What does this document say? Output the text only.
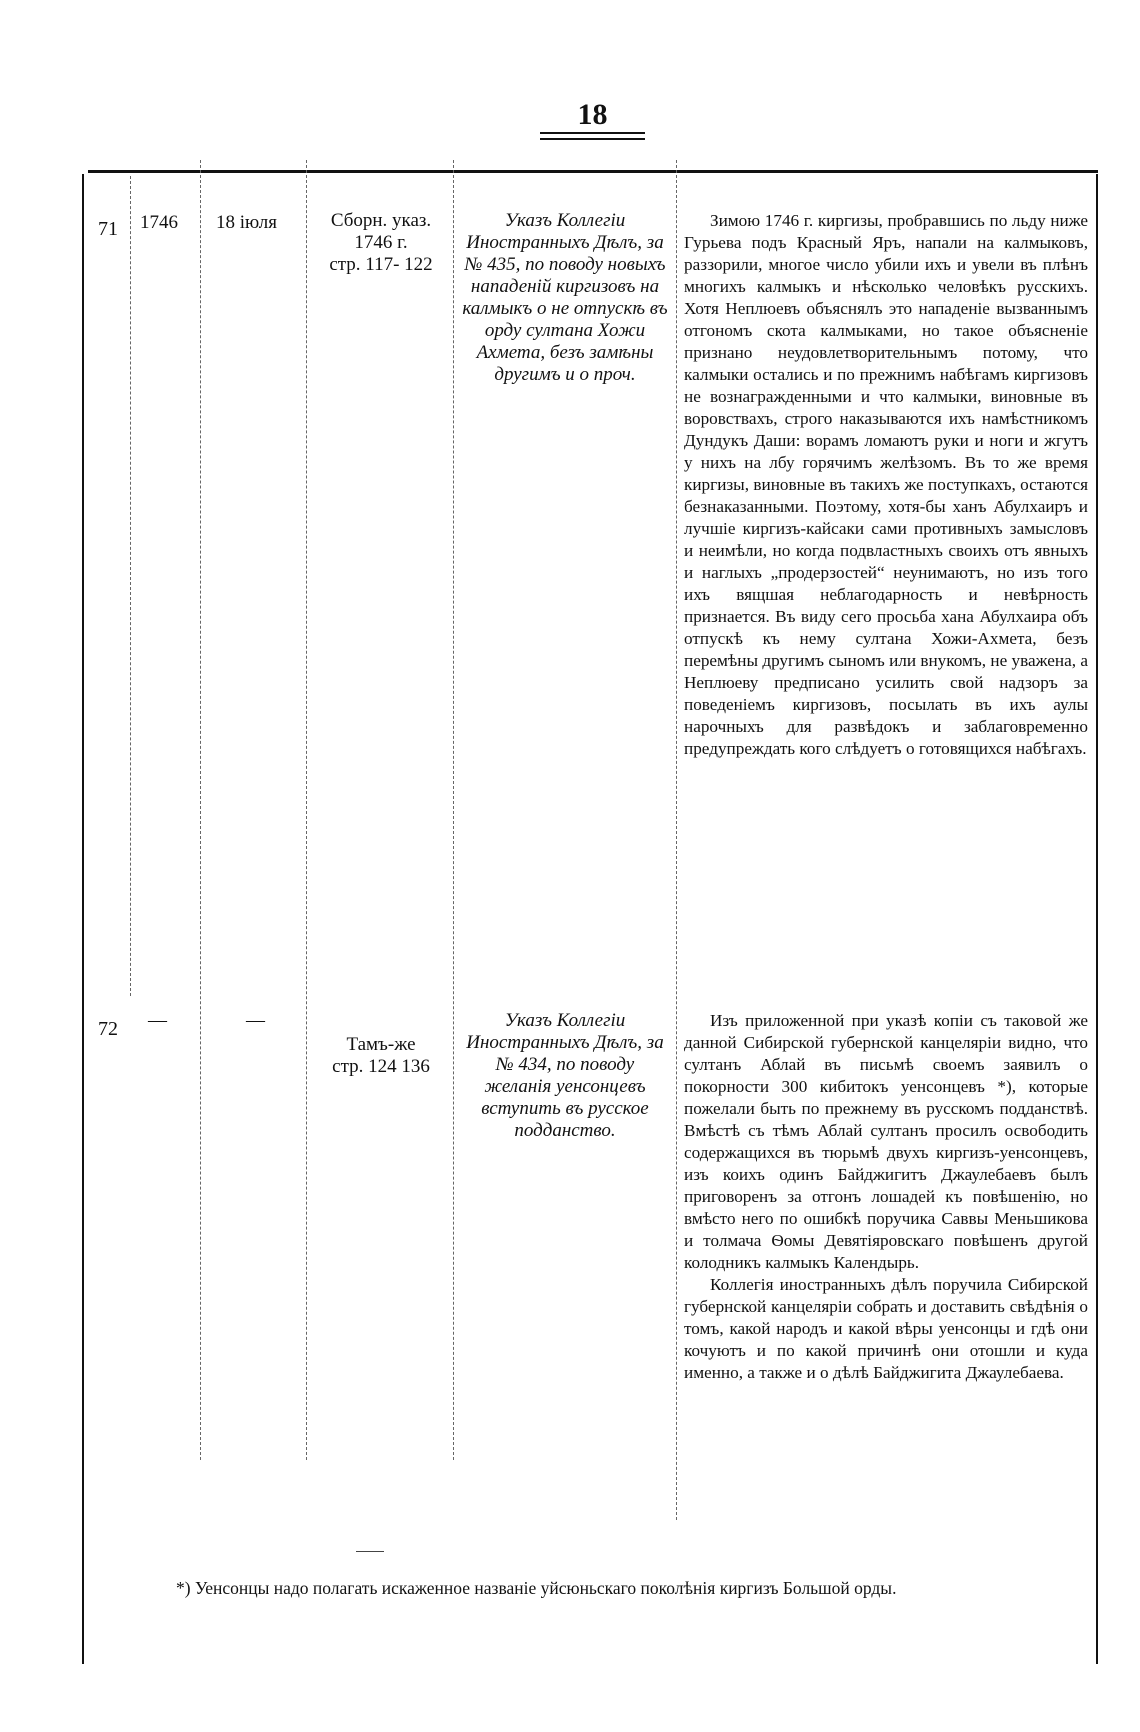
18
71 1746 18 іюля	Сборн. указ.
1746 г.
стр. 117- 122
Указъ Коллегіи Иностранныхъ Дѣлъ, за № 435, по поводу новыхъ нападеній киргизовъ на калмыкъ о не отпускѣ въ орду султана Хожи Ахмета, безъ замѣны другимъ и о проч.

Зимою 1746 г. киргизы, пробравшись по льду ниже Гурьева подъ Красный Яръ, напали на калмыковъ, раззорили, многое число убили ихъ и увели въ плѣнъ многихъ калмыкъ и нѣсколько человѣкъ русскихъ. Хотя Неплюевъ объяснялъ это нападеніе вызваннымъ отгономъ скота калмыками, но такое объясненіе признано неудовлетворительнымъ потому, что калмыки остались и по прежнимъ набѣгамъ киргизовъ не вознагражденными и что калмыки, виновные въ воровствахъ, строго наказываются ихъ намѣстникомъ Дундукъ Даши: ворамъ ломаютъ руки и ноги и жгутъ у нихъ на лбу горячимъ желѣзомъ. Въ то же время киргизы, виновные въ такихъ же поступкахъ, остаются безнаказанными. Поэтому, хотя-бы ханъ Абулхаиръ и лучшіе киргизъ-кайсаки сами противныхъ замысловъ и неимѣли, но когда подвластныхъ своихъ отъ явныхъ и наглыхъ „продерзостей“ неунимаютъ, но изъ того ихъ вящшая неблагодарность и невѣрность признается. Въ виду сего просьба хана Абулхаира объ отпускѣ къ нему султана Хожи-Ахмета, безъ перемѣны другимъ сыномъ или внукомъ, не уважена, а Неплюеву предписано усилить свой надзоръ за поведеніемъ киргизовъ, посылать въ ихъ аулы нарочныхъ для развѣдокъ и заблаговременно предупреждать кого слѣдуетъ о готовящихся набѣгахъ.

72 —	—
Тамъ-же
стр. 124 136
Указъ Коллегіи Иностранныхъ Дѣлъ, за № 434, по поводу желанія уенсонцевъ вступить въ русское подданство.

Изъ приложенной при указѣ копіи съ таковой же данной Сибирской губернской канцеляріи видно, что султанъ Аблай въ письмѣ своемъ заявилъ о покорности 300 кибитокъ уенсонцевъ *), которые пожелали быть по прежнему въ русскомъ подданствѣ. Вмѣстѣ съ тѣмъ Аблай султанъ просилъ освободить содержащихся въ тюрьмѣ двухъ киргизъ-уенсонцевъ, изъ коихъ одинъ Байджигитъ Джаулебаевъ былъ приговоренъ за отгонъ лошадей къ повѣшенію, но вмѣсто него по ошибкѣ поручика Саввы Меньшикова и толмача Ѳомы Девятіяровскаго повѣшенъ другой колодникъ калмыкъ Календырь.

Коллегія иностранныхъ дѣлъ поручила Сибирской губернской канцеляріи собрать и доставить свѣдѣнія о томъ, какой народъ и какой вѣры уенсонцы и гдѣ они кочуютъ и по какой причинѣ они отошли и куда именно, а также и о дѣлѣ Байджигита Джаулебаева.

*) Уенсонцы надо полагать искаженное названіе уйсюньскаго поколѣнія киргизъ Большой орды.
